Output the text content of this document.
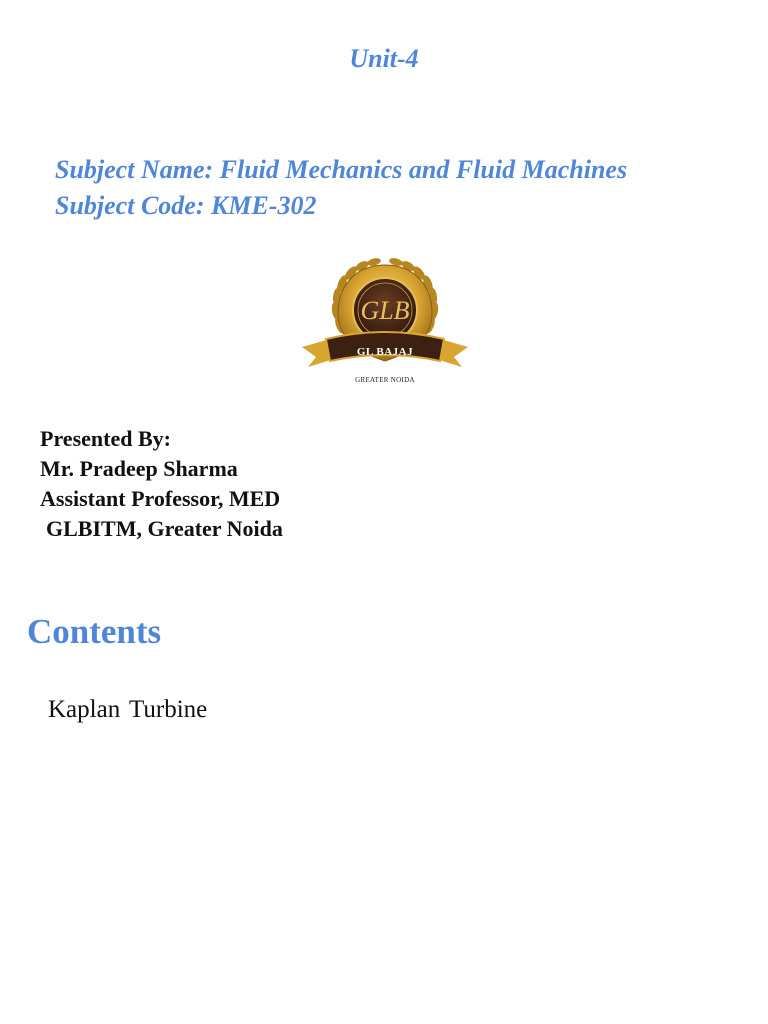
Unit-4
Subject Name: Fluid Mechanics and Fluid Machines
Subject Code: KME-302
GLB
GL BAJAJ
GREATER NOIDA
Presented By:
Mr. Pradeep Sharma
Assistant Professor, MED
GLBITM, Greater Noida
Contents
Kaplan Turbine
